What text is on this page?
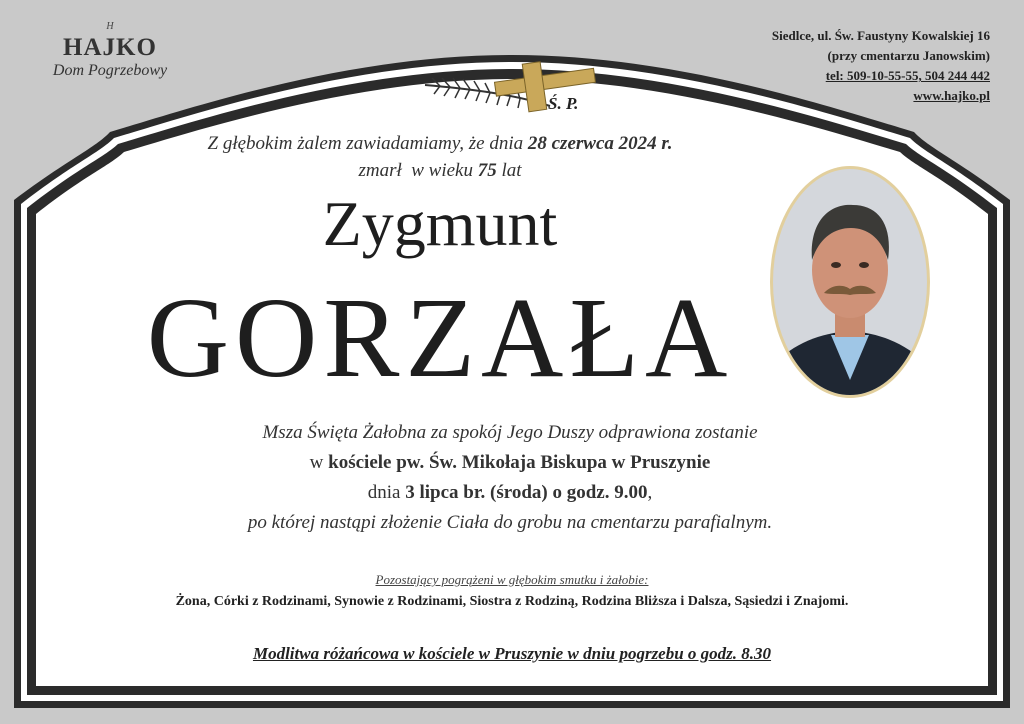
H
HAJKO
Dom Pogrzebowy
Siedlce, ul. Św. Faustyny Kowalskiej 16
(przy cmentarzu Janowskim)
tel: 509-10-55-55, 504 244 442
www.hajko.pl
Ś. P.
Z głębokim żalem zawiadamiamy, że dnia 28 czerwca 2024 r.
zmarł  w wieku 75 lat
Zygmunt
GORZAŁA
Msza Święta Żałobna za spokój Jego Duszy odprawiona zostanie
w kościele pw. Św. Mikołaja Biskupa w Pruszynie
dnia 3 lipca br. (środa) o godz. 9.00,
po której nastąpi złożenie Ciała do grobu na cmentarzu parafialnym.
Pozostający pogrążeni w głębokim smutku i żałobie:
Żona, Córki z Rodzinami, Synowie z Rodzinami, Siostra z Rodziną, Rodzina Bliższa i Dalsza, Sąsiedzi i Znajomi.
Modlitwa różańcowa w kościele w Pruszynie w dniu pogrzebu o godz. 8.30
